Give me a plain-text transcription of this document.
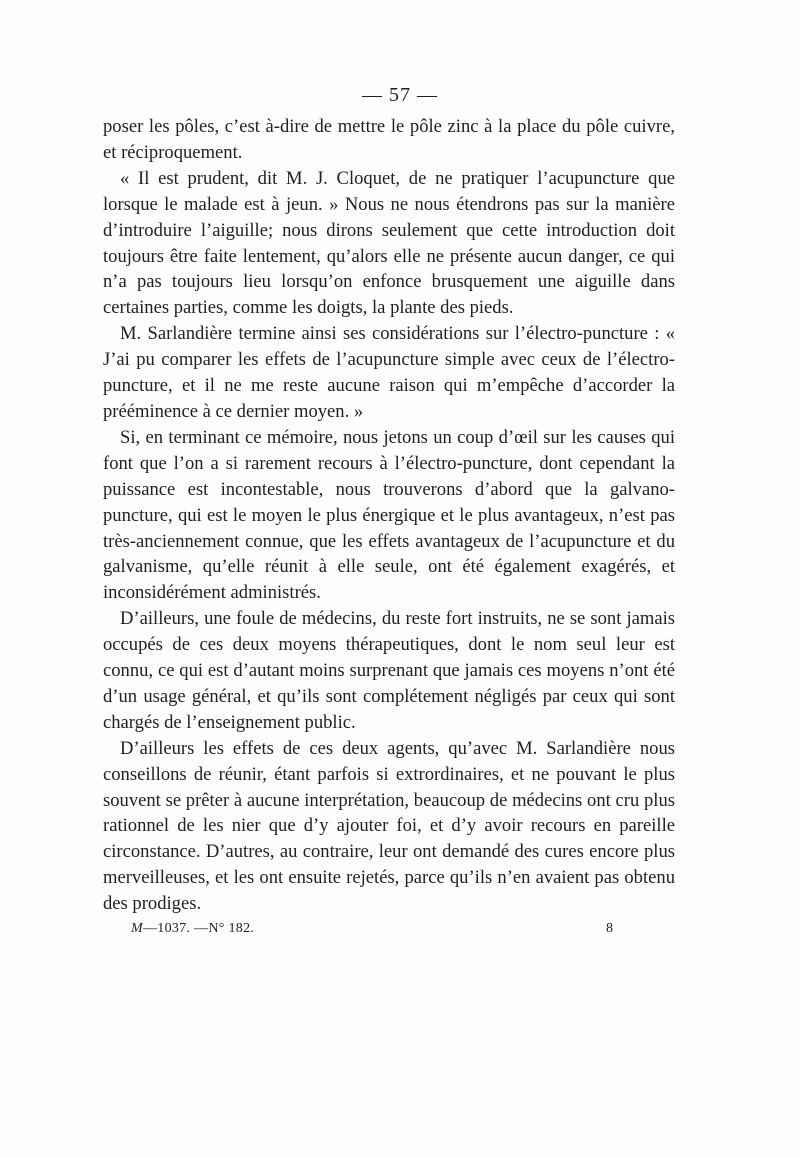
— 57 —

poser les pôles, c’est à-dire de mettre le pôle zinc à la place du pôle cuivre, et réciproquement.

« Il est prudent, dit M. J. Cloquet, de ne pratiquer l’acupuncture que lorsque le malade est à jeun. » Nous ne nous étendrons pas sur la manière d’introduire l’aiguille; nous dirons seulement que cette introduction doit toujours être faite lentement, qu’alors elle ne présente aucun danger, ce qui n’a pas toujours lieu lorsqu’on enfonce brusquement une aiguille dans certaines parties, comme les doigts, la plante des pieds.

M. Sarlandière termine ainsi ses considérations sur l’électro-puncture : « J’ai pu comparer les effets de l’acupuncture simple avec ceux de l’électro-puncture, et il ne me reste aucune raison qui m’empêche d’accorder la prééminence à ce dernier moyen. »

Si, en terminant ce mémoire, nous jetons un coup d’œil sur les causes qui font que l’on a si rarement recours à l’électro-puncture, dont cependant la puissance est incontestable, nous trouverons d’abord que la galvano-puncture, qui est le moyen le plus énergique et le plus avantageux, n’est pas très-anciennement connue, que les effets avantageux de l’acupuncture et du galvanisme, qu’elle réunit à elle seule, ont été également exagérés, et inconsidérément administrés.

D’ailleurs, une foule de médecins, du reste fort instruits, ne se sont jamais occupés de ces deux moyens thérapeutiques, dont le nom seul leur est connu, ce qui est d’autant moins surprenant que jamais ces moyens n’ont été d’un usage général, et qu’ils sont complétement négligés par ceux qui sont chargés de l’enseignement public.

D’ailleurs les effets de ces deux agents, qu’avec M. Sarlandière nous conseillons de réunir, étant parfois si extrordinaires, et ne pouvant le plus souvent se prêter à aucune interprétation, beaucoup de médecins ont cru plus rationnel de les nier que d’y ajouter foi, et d’y avoir recours en pareille circonstance. D’autres, au contraire, leur ont demandé des cures encore plus merveilleuses, et les ont ensuite rejetés, parce qu’ils n’en avaient pas obtenu des prodiges.

M—1037. —N° 182.	8
